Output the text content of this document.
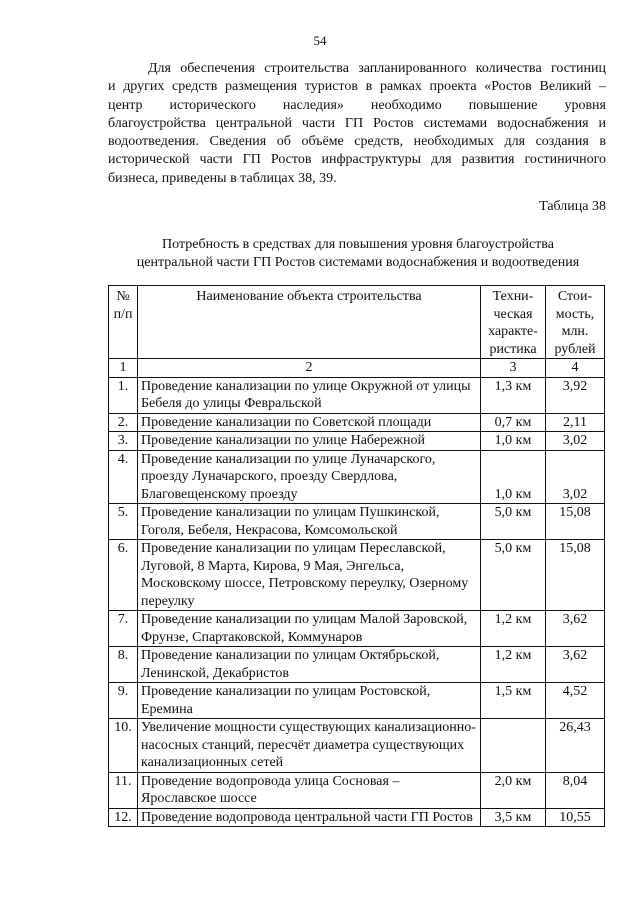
54
Для обеспечения строительства запланированного количества гостиниц
и других средств размещения туристов в рамках проекта «Ростов Великий –
центр исторического наследия» необходимо повышение уровня
благоустройства центральной части ГП Ростов системами водоснабжения и
водоотведения. Сведения об объёме средств, необходимых для создания в
исторической части ГП Ростов инфраструктуры для развития гостиничного
бизнеса, приведены в таблицах 38, 39.
Таблица 38
Потребность в средствах для повышения уровня благоустройства
центральной части ГП Ростов системами водоснабжения и водоотведения
№ п/п	Наименование объекта строительства	Техни-ческая характе-ристика	Стои-мость, млн. рублей
1	2	3	4
1.	Проведение канализации по улице Окружной от улицы Бебеля до улицы Февральской	1,3 км	3,92
2.	Проведение канализации по Советской площади	0,7 км	2,11
3.	Проведение канализации по улице Набережной	1,0 км	3,02
4.	Проведение канализации по улице Луначарского, проезду Луначарского, проезду Свердлова, Благовещенскому проезду	1,0 км	3,02
5.	Проведение канализации по улицам Пушкинской, Гоголя, Бебеля, Некрасова, Комсомольской	5,0 км	15,08
6.	Проведение канализации по улицам Переславской, Луговой, 8 Марта, Кирова, 9 Мая, Энгельса, Московскому шоссе, Петровскому переулку, Озерному переулку	5,0 км	15,08
7.	Проведение канализации по улицам Малой Заровской, Фрунзе, Спартаковской, Коммунаров	1,2 км	3,62
8.	Проведение канализации по улицам Октябрьской, Ленинской, Декабристов	1,2 км	3,62
9.	Проведение канализации по улицам Ростовской, Еремина	1,5 км	4,52
10.	Увеличение мощности существующих канализационно-насосных станций, пересчёт диаметра существующих канализационных сетей		26,43
11.	Проведение водопровода улица Сосновая – Ярославское шоссе	2,0 км	8,04
12.	Проведение водопровода центральной части ГП Ростов	3,5 км	10,55
